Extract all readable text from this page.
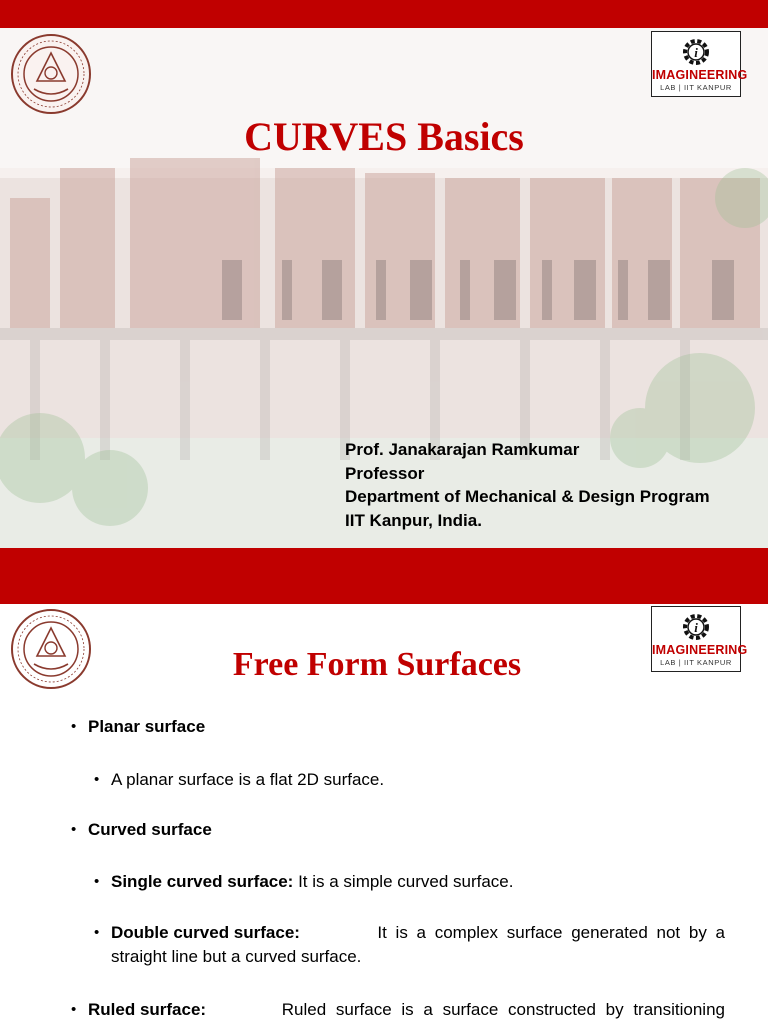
i
IMAGINEERING
LAB | IIT KANPUR
CURVES Basics
Prof. Janakarajan Ramkumar
Professor
Department of Mechanical & Design Program
IIT Kanpur, India.
i
IMAGINEERING
LAB | IIT KANPUR
Free Form Surfaces
• Planar surface
• A planar surface is a flat 2D surface.
• Curved surface
• Single curved surface: It is a simple curved surface.
• Double curved surface:	It is a complex surface generated not by a
straight line but a curved surface.
• Ruled surface:	Ruled surface is a surface constructed by transitioning
